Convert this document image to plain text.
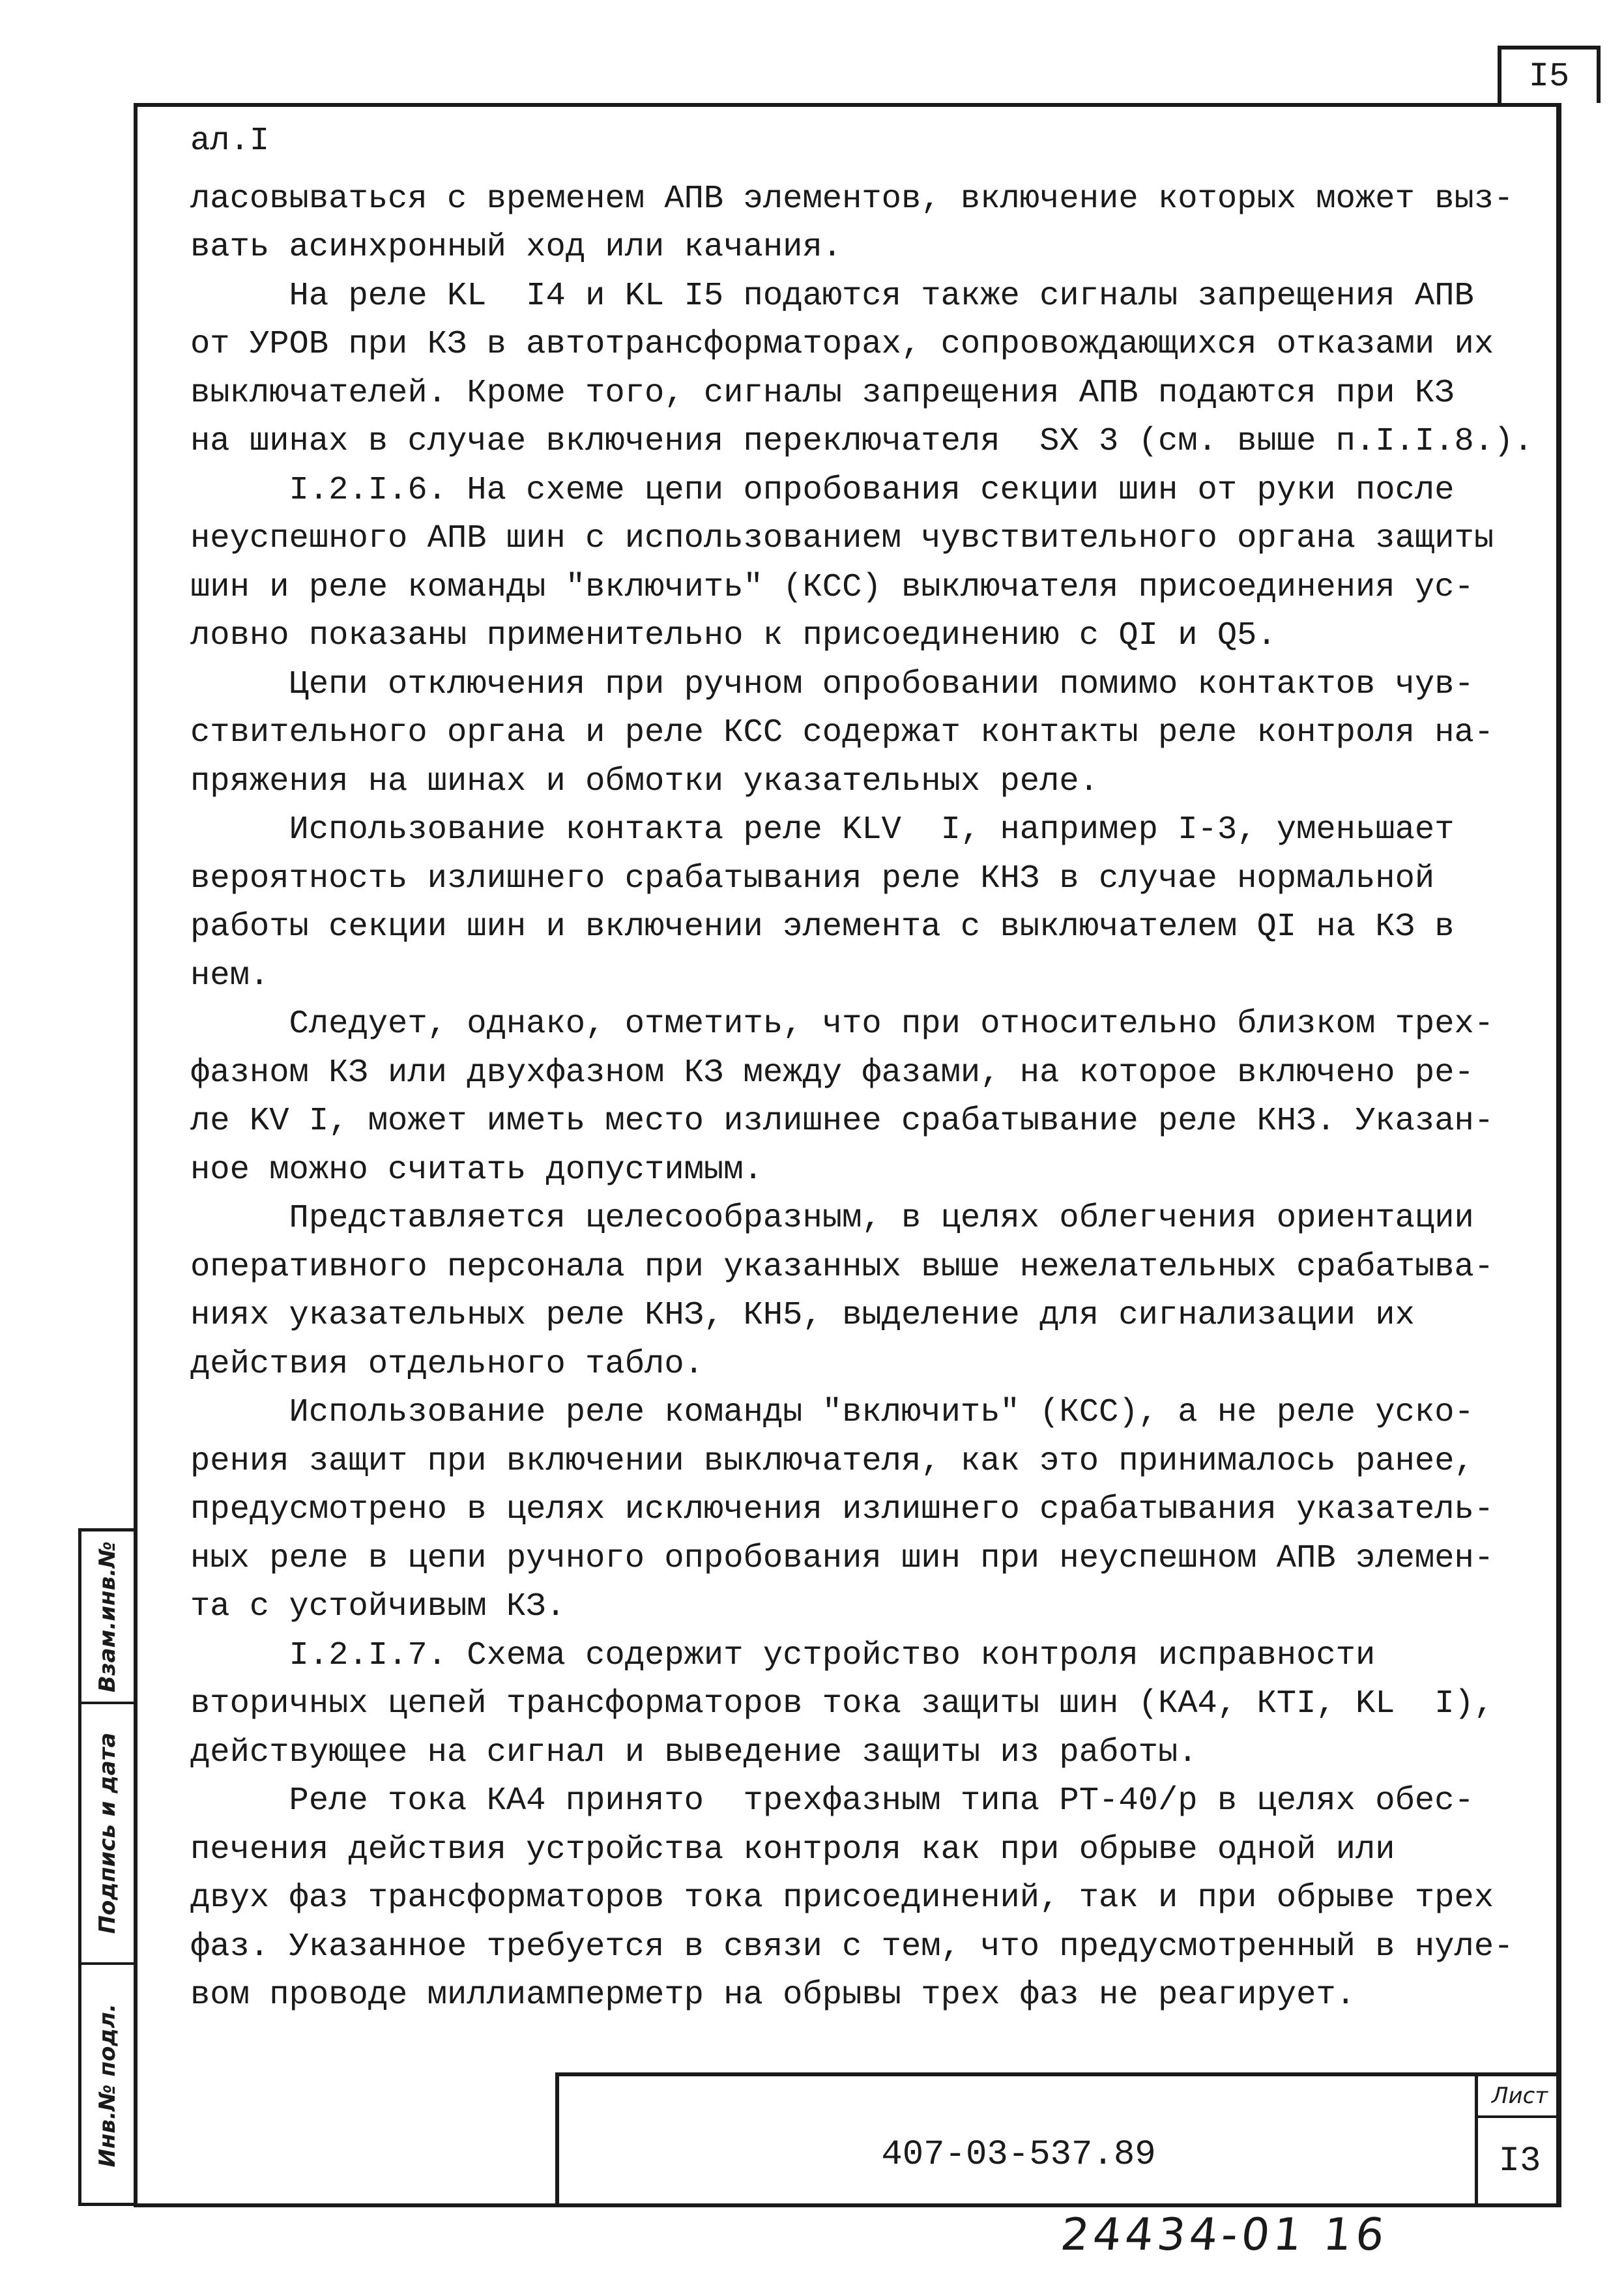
I5
Взам.инв.№
Подпись и дата
Инв.№ подл.
ал.I
ласовываться с временем АПВ элементов, включение которых может выз-
вать асинхронный ход или качания.
На реле KL  I4 и KL I5 подаются также сигналы запрещения АПВ
от УРОВ при КЗ в автотрансформаторах, сопровождающихся отказами их
выключателей. Кроме того, сигналы запрещения АПВ подаются при КЗ
на шинах в случае включения переключателя  SX 3 (см. выше п.I.I.8.).
I.2.I.6. На схеме цепи опробования секции шин от руки после
неуспешного АПВ шин с использованием чувствительного органа защиты
шин и реле команды "включить" (КСС) выключателя присоединения ус-
ловно показаны применительно к присоединению с QI и Q5.
Цепи отключения при ручном опробовании помимо контактов чув-
ствительного органа и реле КСС содержат контакты реле контроля на-
пряжения на шинах и обмотки указательных реле.
Использование контакта реле KLV  I, например I-3, уменьшает
вероятность излишнего срабатывания реле КНЗ в случае нормальной
работы секции шин и включении элемента с выключателем QI на КЗ в
нем.
Следует, однако, отметить, что при относительно близком трех-
фазном КЗ или двухфазном КЗ между фазами, на которое включено ре-
ле KV I, может иметь место излишнее срабатывание реле КНЗ. Указан-
ное можно считать допустимым.
Представляется целесообразным, в целях облегчения ориентации
оперативного персонала при указанных выше нежелательных срабатыва-
ниях указательных реле КНЗ, КН5, выделение для сигнализации их
действия отдельного табло.
Использование реле команды "включить" (КСС), а не реле уско-
рения защит при включении выключателя, как это принималось ранее,
предусмотрено в целях исключения излишнего срабатывания указатель-
ных реле в цепи ручного опробования шин при неуспешном АПВ элемен-
та с устойчивым КЗ.
I.2.I.7. Схема содержит устройство контроля исправности
вторичных цепей трансформаторов тока защиты шин (КА4, КТI, KL  I),
действующее на сигнал и выведение защиты из работы.
Реле тока КА4 принято  трехфазным типа РТ-40/р в целях обес-
печения действия устройства контроля как при обрыве одной или
двух фаз трансформаторов тока присоединений, так и при обрыве трех
фаз. Указанное требуется в связи с тем, что предусмотренный в нуле-
вом проводе миллиамперметр на обрывы трех фаз не реагирует.
407-03-537.89
Лист
I3
24434-01 16
